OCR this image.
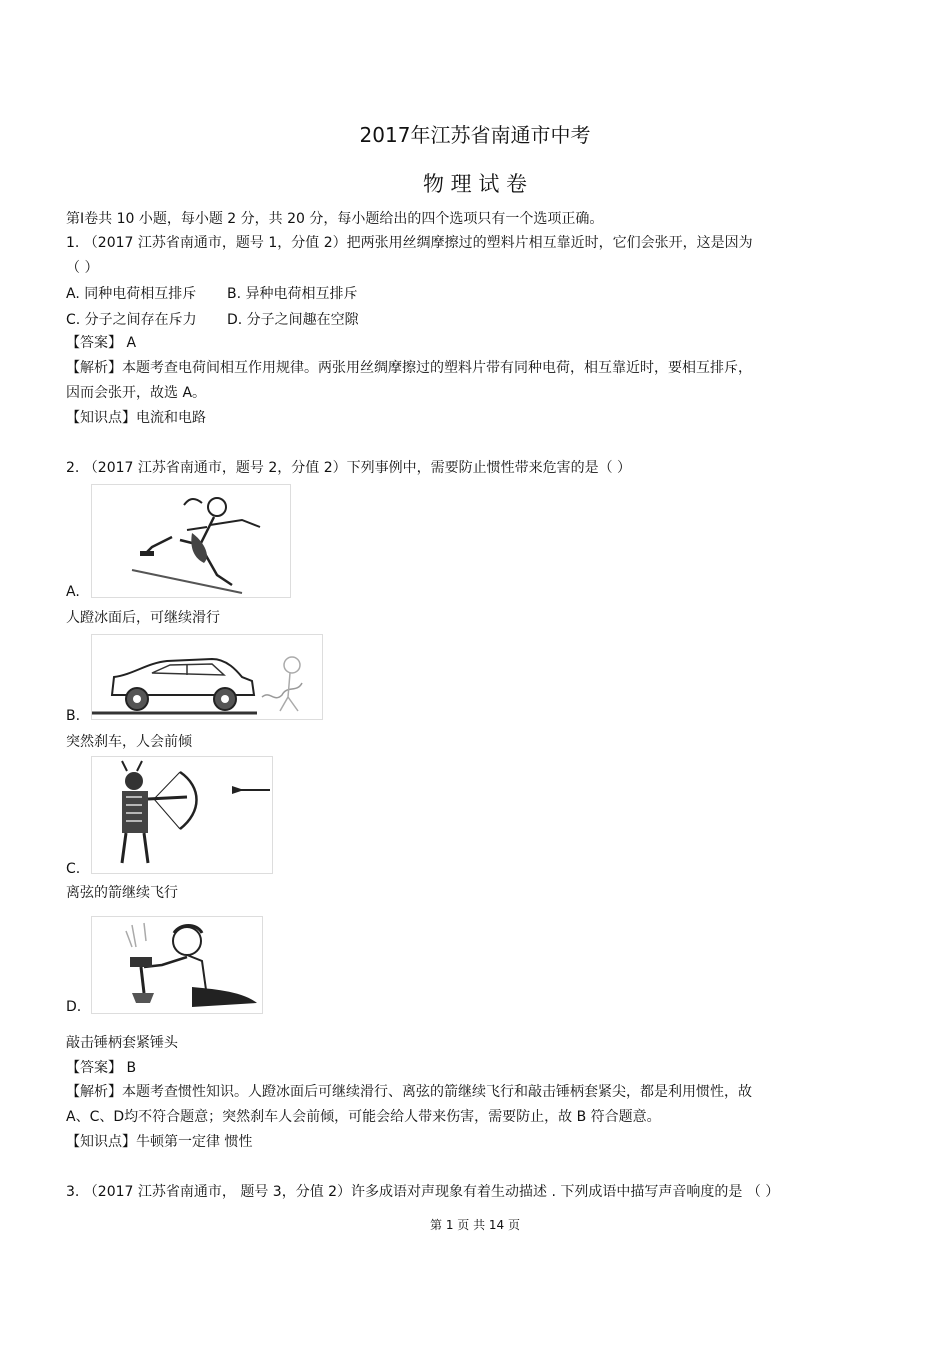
2017年江苏省南通市中考
物 理 试 卷
第Ⅰ卷共 10 小题，每小题 2 分，共 20 分，每小题给出的四个选项只有一个选项正确。
1. （2017 江苏省南通市，题号 1，分值 2）把两张用丝绸摩擦过的塑料片相互靠近时，它们会张开，这是因为
（ ）
A. 同种电荷相互排斥 B. 异种电荷相互排斥
C. 分子之间存在斥力 D. 分子之间趣在空隙
【答案】 A
【解析】本题考查电荷间相互作用规律。两张用丝绸摩擦过的塑料片带有同种电荷，相互靠近时，要相互排斥，
因而会张开，故选 A。
【知识点】电流和电路
2. （2017 江苏省南通市，题号 2，分值 2）下列事例中，需要防止惯性带来危害的是（ ）
A.
人蹬冰面后，可继续滑行
B.
突然刹车，人会前倾
C.
离弦的箭继续飞行
D.
敲击锤柄套紧锤头
【答案】 B
【解析】本题考查惯性知识。人蹬冰面后可继续滑行、离弦的箭继续飞行和敲击锤柄套紧尖，都是利用惯性，故
A、C、D均不符合题意；突然刹车人会前倾，可能会给人带来伤害，需要防止，故 B 符合题意。
【知识点】牛顿第一定律 惯性
3. （2017 江苏省南通市， 题号 3，分值 2）许多成语对声现象有着生动描述 . 下列成语中描写声音响度的是 （ ）
第 1 页 共 14 页
